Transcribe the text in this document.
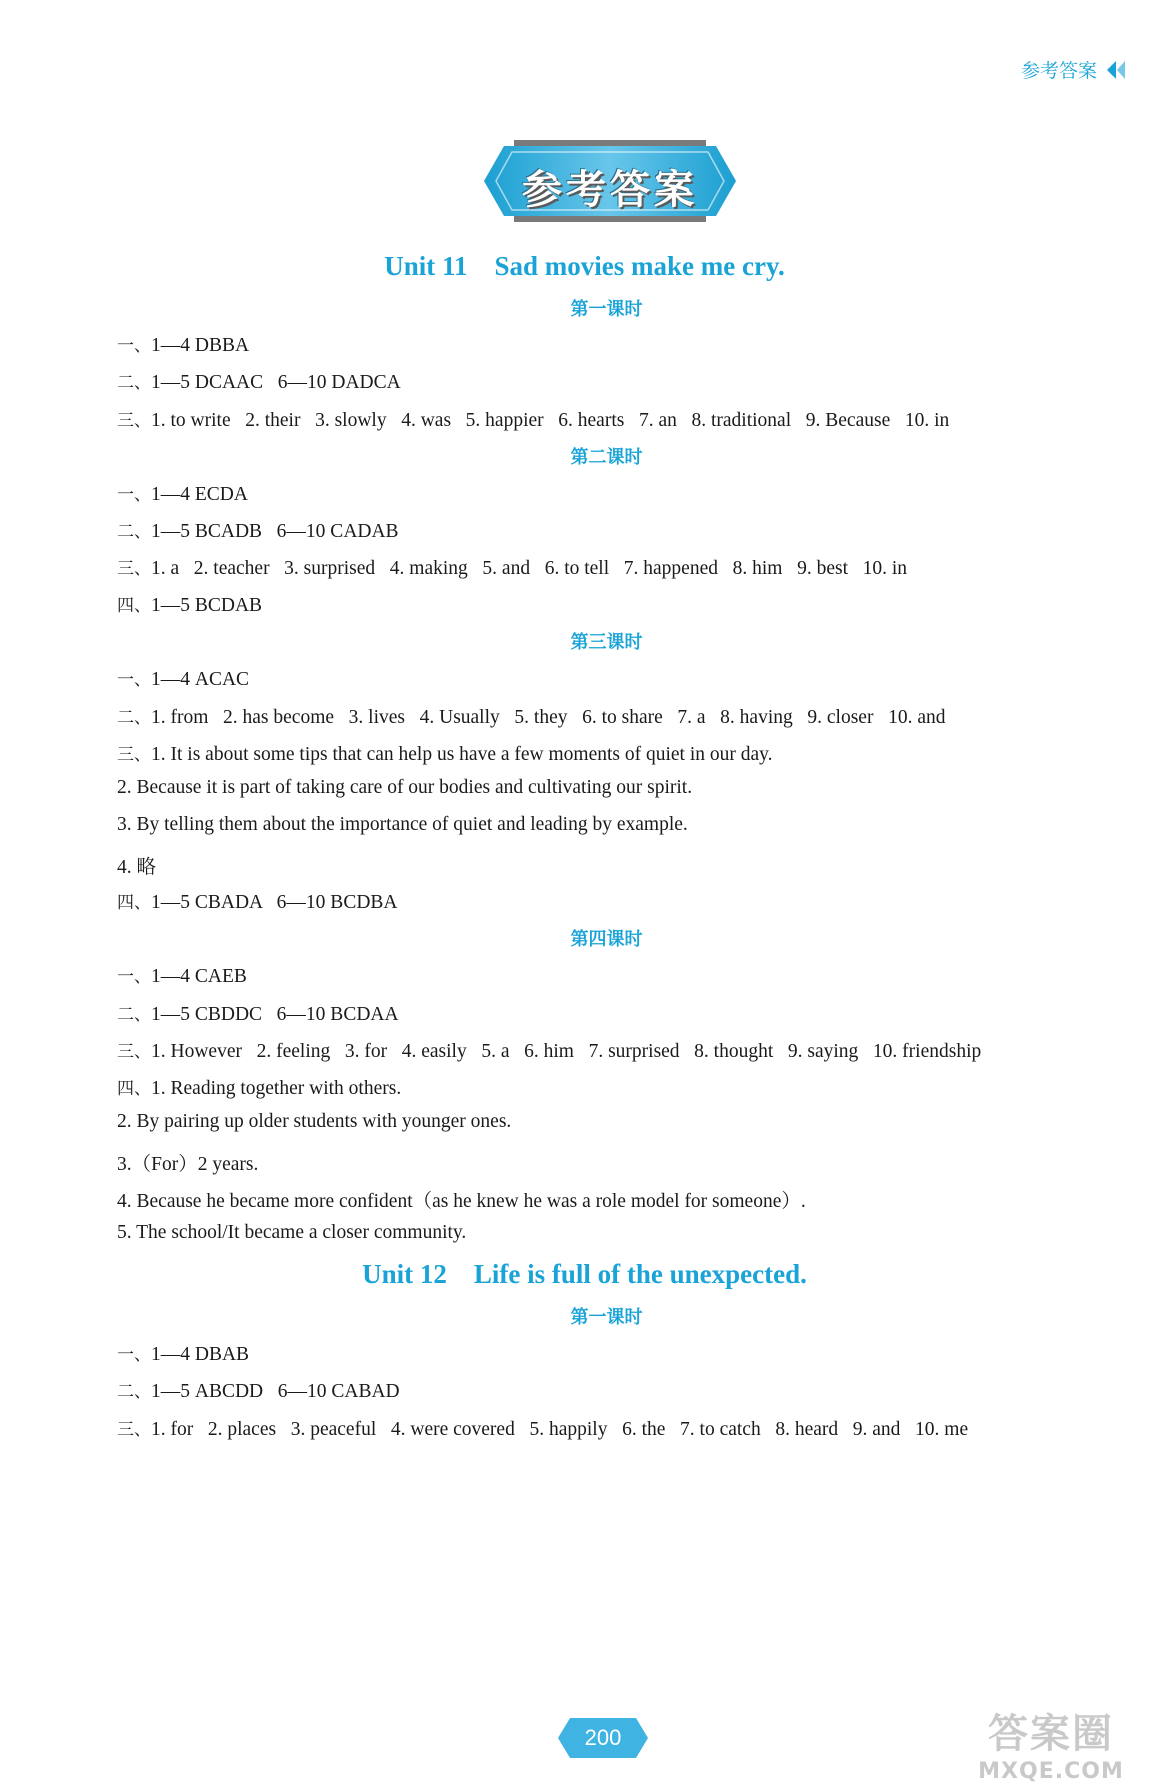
参考答案
参考答案
Unit 11    Sad movies make me cry.
第一课时
一、1—4 DBBA
二、1—5 DCAAC   6—10 DADCA
三、1. to write   2. their   3. slowly   4. was   5. happier   6. hearts   7. an   8. traditional   9. Because   10. in
第二课时
一、1—4 ECDA
二、1—5 BCADB   6—10 CADAB
三、1. a   2. teacher   3. surprised   4. making   5. and   6. to tell   7. happened   8. him   9. best   10. in
四、1—5 BCDAB
第三课时
一、1—4 ACAC
二、1. from   2. has become   3. lives   4. Usually   5. they   6. to share   7. a   8. having   9. closer   10. and
三、1. It is about some tips that can help us have a few moments of quiet in our day.
2. Because it is part of taking care of our bodies and cultivating our spirit.
3. By telling them about the importance of quiet and leading by example.
4. 略
四、1—5 CBADA   6—10 BCDBA
第四课时
一、1—4 CAEB
二、1—5 CBDDC   6—10 BCDAA
三、1. However   2. feeling   3. for   4. easily   5. a   6. him   7. surprised   8. thought   9. saying   10. friendship
四、1. Reading together with others.
2. By pairing up older students with younger ones.
3.（For）2 years.
4. Because he became more confident（as he knew he was a role model for someone）.
5. The school/It became a closer community.
Unit 12    Life is full of the unexpected.
第一课时
一、1—4 DBAB
二、1—5 ABCDD   6—10 CABAD
三、1. for   2. places   3. peaceful   4. were covered   5. happily   6. the   7. to catch   8. heard   9. and   10. me
200	答案圈
MXQE.COM
